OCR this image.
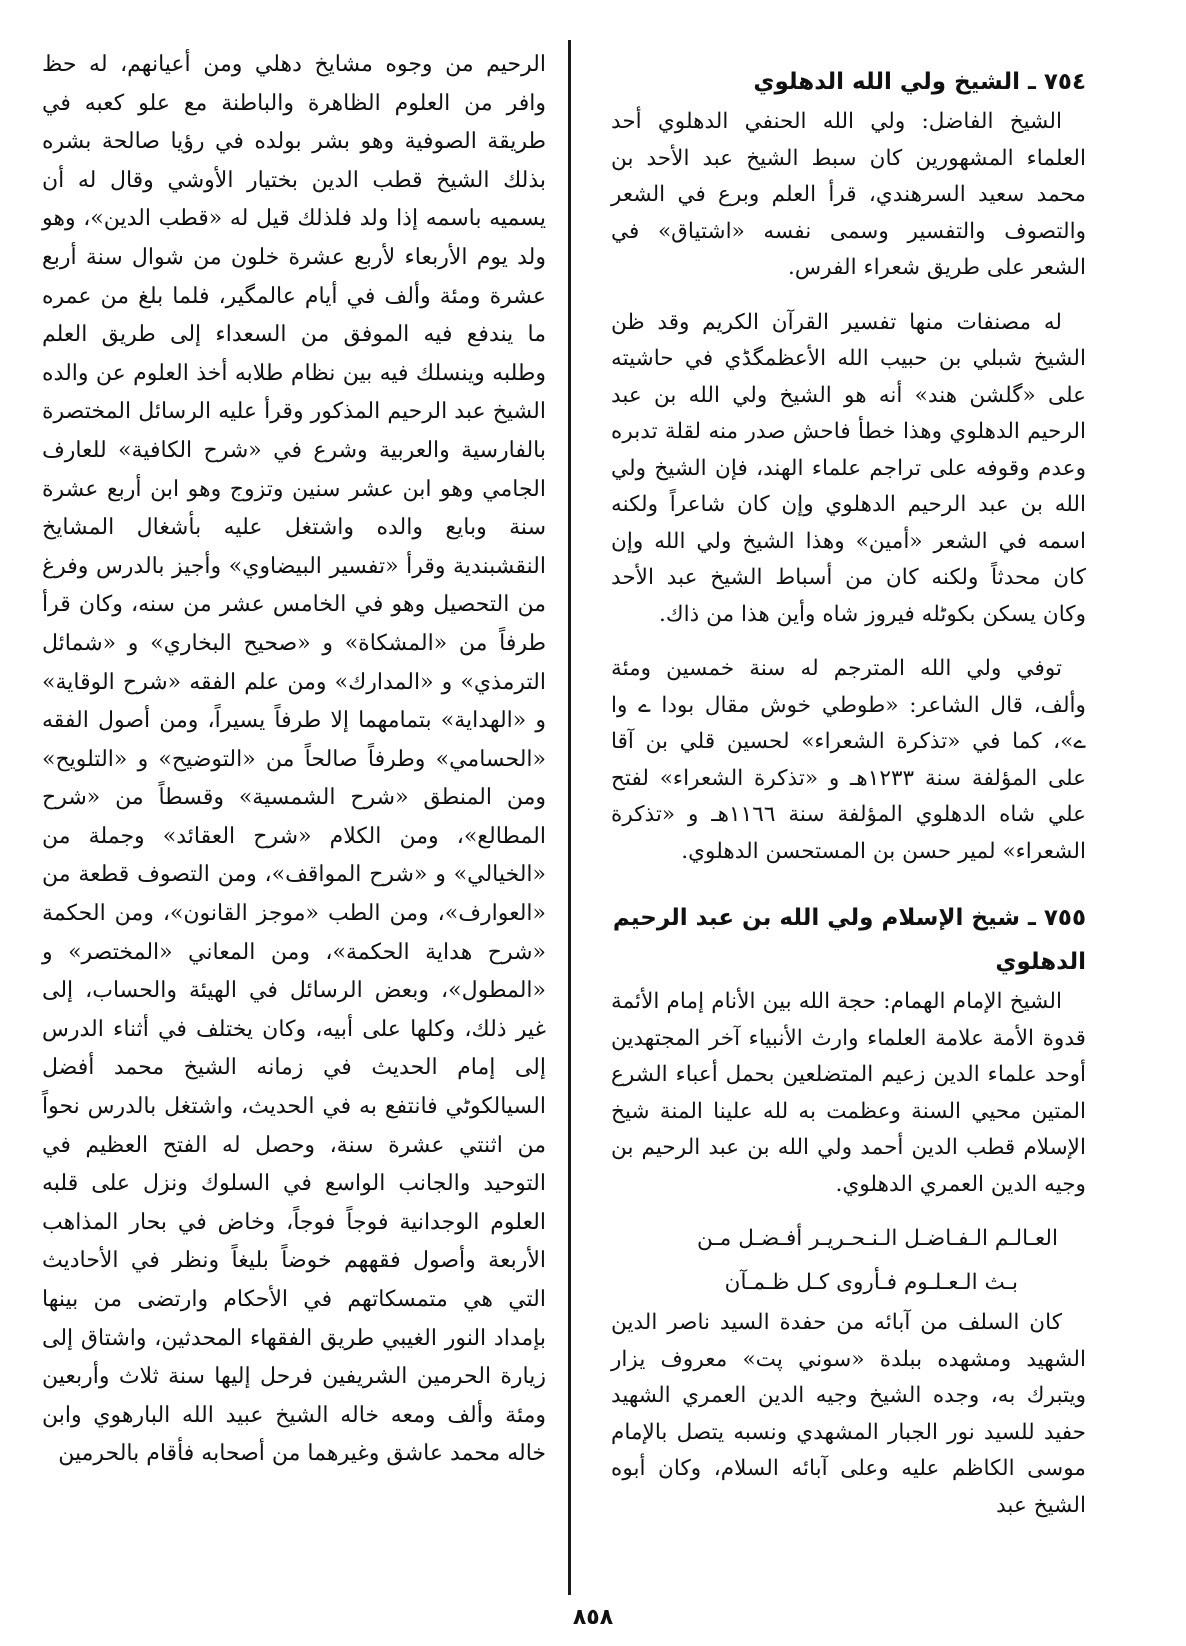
٧٥٤ ـ الشيخ ولي الله الدهلوي

الشيخ الفاضل: ولي الله الحنفي الدهلوي أحد العلماء المشهورين كان سبط الشيخ عبد الأحد بن محمد سعيد السرهندي، قرأ العلم وبرع في الشعر والتصوف والتفسير وسمى نفسه «اشتياق» في الشعر على طريق شعراء الفرس.

له مصنفات منها تفسير القرآن الكريم وقد ظن الشيخ شبلي بن حبيب الله الأعظمگڈي في حاشيته على «گلشن هند» أنه هو الشيخ ولي الله بن عبد الرحيم الدهلوي وهذا خطأ فاحش صدر منه لقلة تدبره وعدم وقوفه على تراجم علماء الهند، فإن الشيخ ولي الله بن عبد الرحيم الدهلوي وإن كان شاعراً ولكنه اسمه في الشعر «أمين» وهذا الشيخ ولي الله وإن كان محدثاً ولكنه كان من أسباط الشيخ عبد الأحد وكان يسكن بكوٹله فيروز شاه وأين هذا من ذاك.

توفي ولي الله المترجم له سنة خمسين ومئة وألف، قال الشاعر: «طوطي خوش مقال بودا ے وا ے»، كما في «تذكرة الشعراء» لحسين قلي بن آقا على المؤلفة سنة ١٢٣٣هـ و «تذكرة الشعراء» لفتح علي شاه الدهلوي المؤلفة سنة ١١٦٦هـ و «تذكرة الشعراء» لمير حسن بن المستحسن الدهلوي.

٧٥٥ ـ شيخ الإسلام ولي الله بن عبد الرحيم الدهلوي

الشيخ الإمام الهمام: حجة الله بين الأنام إمام الأئمة قدوة الأمة علامة العلماء وارث الأنبياء آخر المجتهدين أوحد علماء الدين زعيم المتضلعين بحمل أعباء الشرع المتين محيي السنة وعظمت به لله علينا المنة شيخ الإسلام قطب الدين أحمد ولي الله بن عبد الرحيم بن وجيه الدين العمري الدهلوي.

العـالـم الـفـاضـل الـنـحـريـر أفـضـل مـن
بـث الـعـلـوم فـأروى كـل ظـمـآن

كان السلف من آبائه من حفدة السيد ناصر الدين الشهيد ومشهده ببلدة «سوني پت» معروف يزار ويتبرك به، وجده الشيخ وجيه الدين العمري الشهيد حفيد للسيد نور الجبار المشهدي ونسبه يتصل بالإمام موسى الكاظم عليه وعلى آبائه السلام، وكان أبوه الشيخ عبد

الرحيم من وجوه مشايخ دهلي ومن أعيانهم، له حظ وافر من العلوم الظاهرة والباطنة مع علو كعبه في طريقة الصوفية وهو بشر بولده في رؤيا صالحة بشره بذلك الشيخ قطب الدين بختيار الأوشي وقال له أن يسميه باسمه إذا ولد فلذلك قيل له «قطب الدين»، وهو ولد يوم الأربعاء لأربع عشرة خلون من شوال سنة أربع عشرة ومئة وألف في أيام عالمگير، فلما بلغ من عمره ما يندفع فيه الموفق من السعداء إلى طريق العلم وطلبه وينسلك فيه بين نظام طلابه أخذ العلوم عن والده الشيخ عبد الرحيم المذكور وقرأ عليه الرسائل المختصرة بالفارسية والعربية وشرع في «شرح الكافية» للعارف الجامي وهو ابن عشر سنين وتزوج وهو ابن أربع عشرة سنة وبايع والده واشتغل عليه بأشغال المشايخ النقشبندية وقرأ «تفسير البيضاوي» وأجيز بالدرس وفرغ من التحصيل وهو في الخامس عشر من سنه، وكان قرأ طرفاً من «المشكاة» و «صحيح البخاري» و «شمائل الترمذي» و «المدارك» ومن علم الفقه «شرح الوقاية» و «الهداية» بتمامهما إلا طرفاً يسيراً، ومن أصول الفقه «الحسامي» وطرفاً صالحاً من «التوضيح» و «التلويح» ومن المنطق «شرح الشمسية» وقسطاً من «شرح المطالع»، ومن الكلام «شرح العقائد» وجملة من «الخيالي» و «شرح المواقف»، ومن التصوف قطعة من «العوارف»، ومن الطب «موجز القانون»، ومن الحكمة «شرح هداية الحكمة»، ومن المعاني «المختصر» و «المطول»، وبعض الرسائل في الهيئة والحساب، إلى غير ذلك، وكلها على أبيه، وكان يختلف في أثناء الدرس إلى إمام الحديث في زمانه الشيخ محمد أفضل السيالكوٹي فانتفع به في الحديث، واشتغل بالدرس نحواً من اثنتي عشرة سنة، وحصل له الفتح العظيم في التوحيد والجانب الواسع في السلوك ونزل على قلبه العلوم الوجدانية فوجاً فوجاً، وخاض في بحار المذاهب الأربعة وأصول فقههم خوضاً بليغاً ونظر في الأحاديث التي هي متمسكاتهم في الأحكام وارتضى من بينها بإمداد النور الغيبي طريق الفقهاء المحدثين، واشتاق إلى زيارة الحرمين الشريفين فرحل إليها سنة ثلاث وأربعين ومئة وألف ومعه خاله الشيخ عبيد الله البارهوي وابن خاله محمد عاشق وغيرهما من أصحابه فأقام بالحرمين

٨٥٨
